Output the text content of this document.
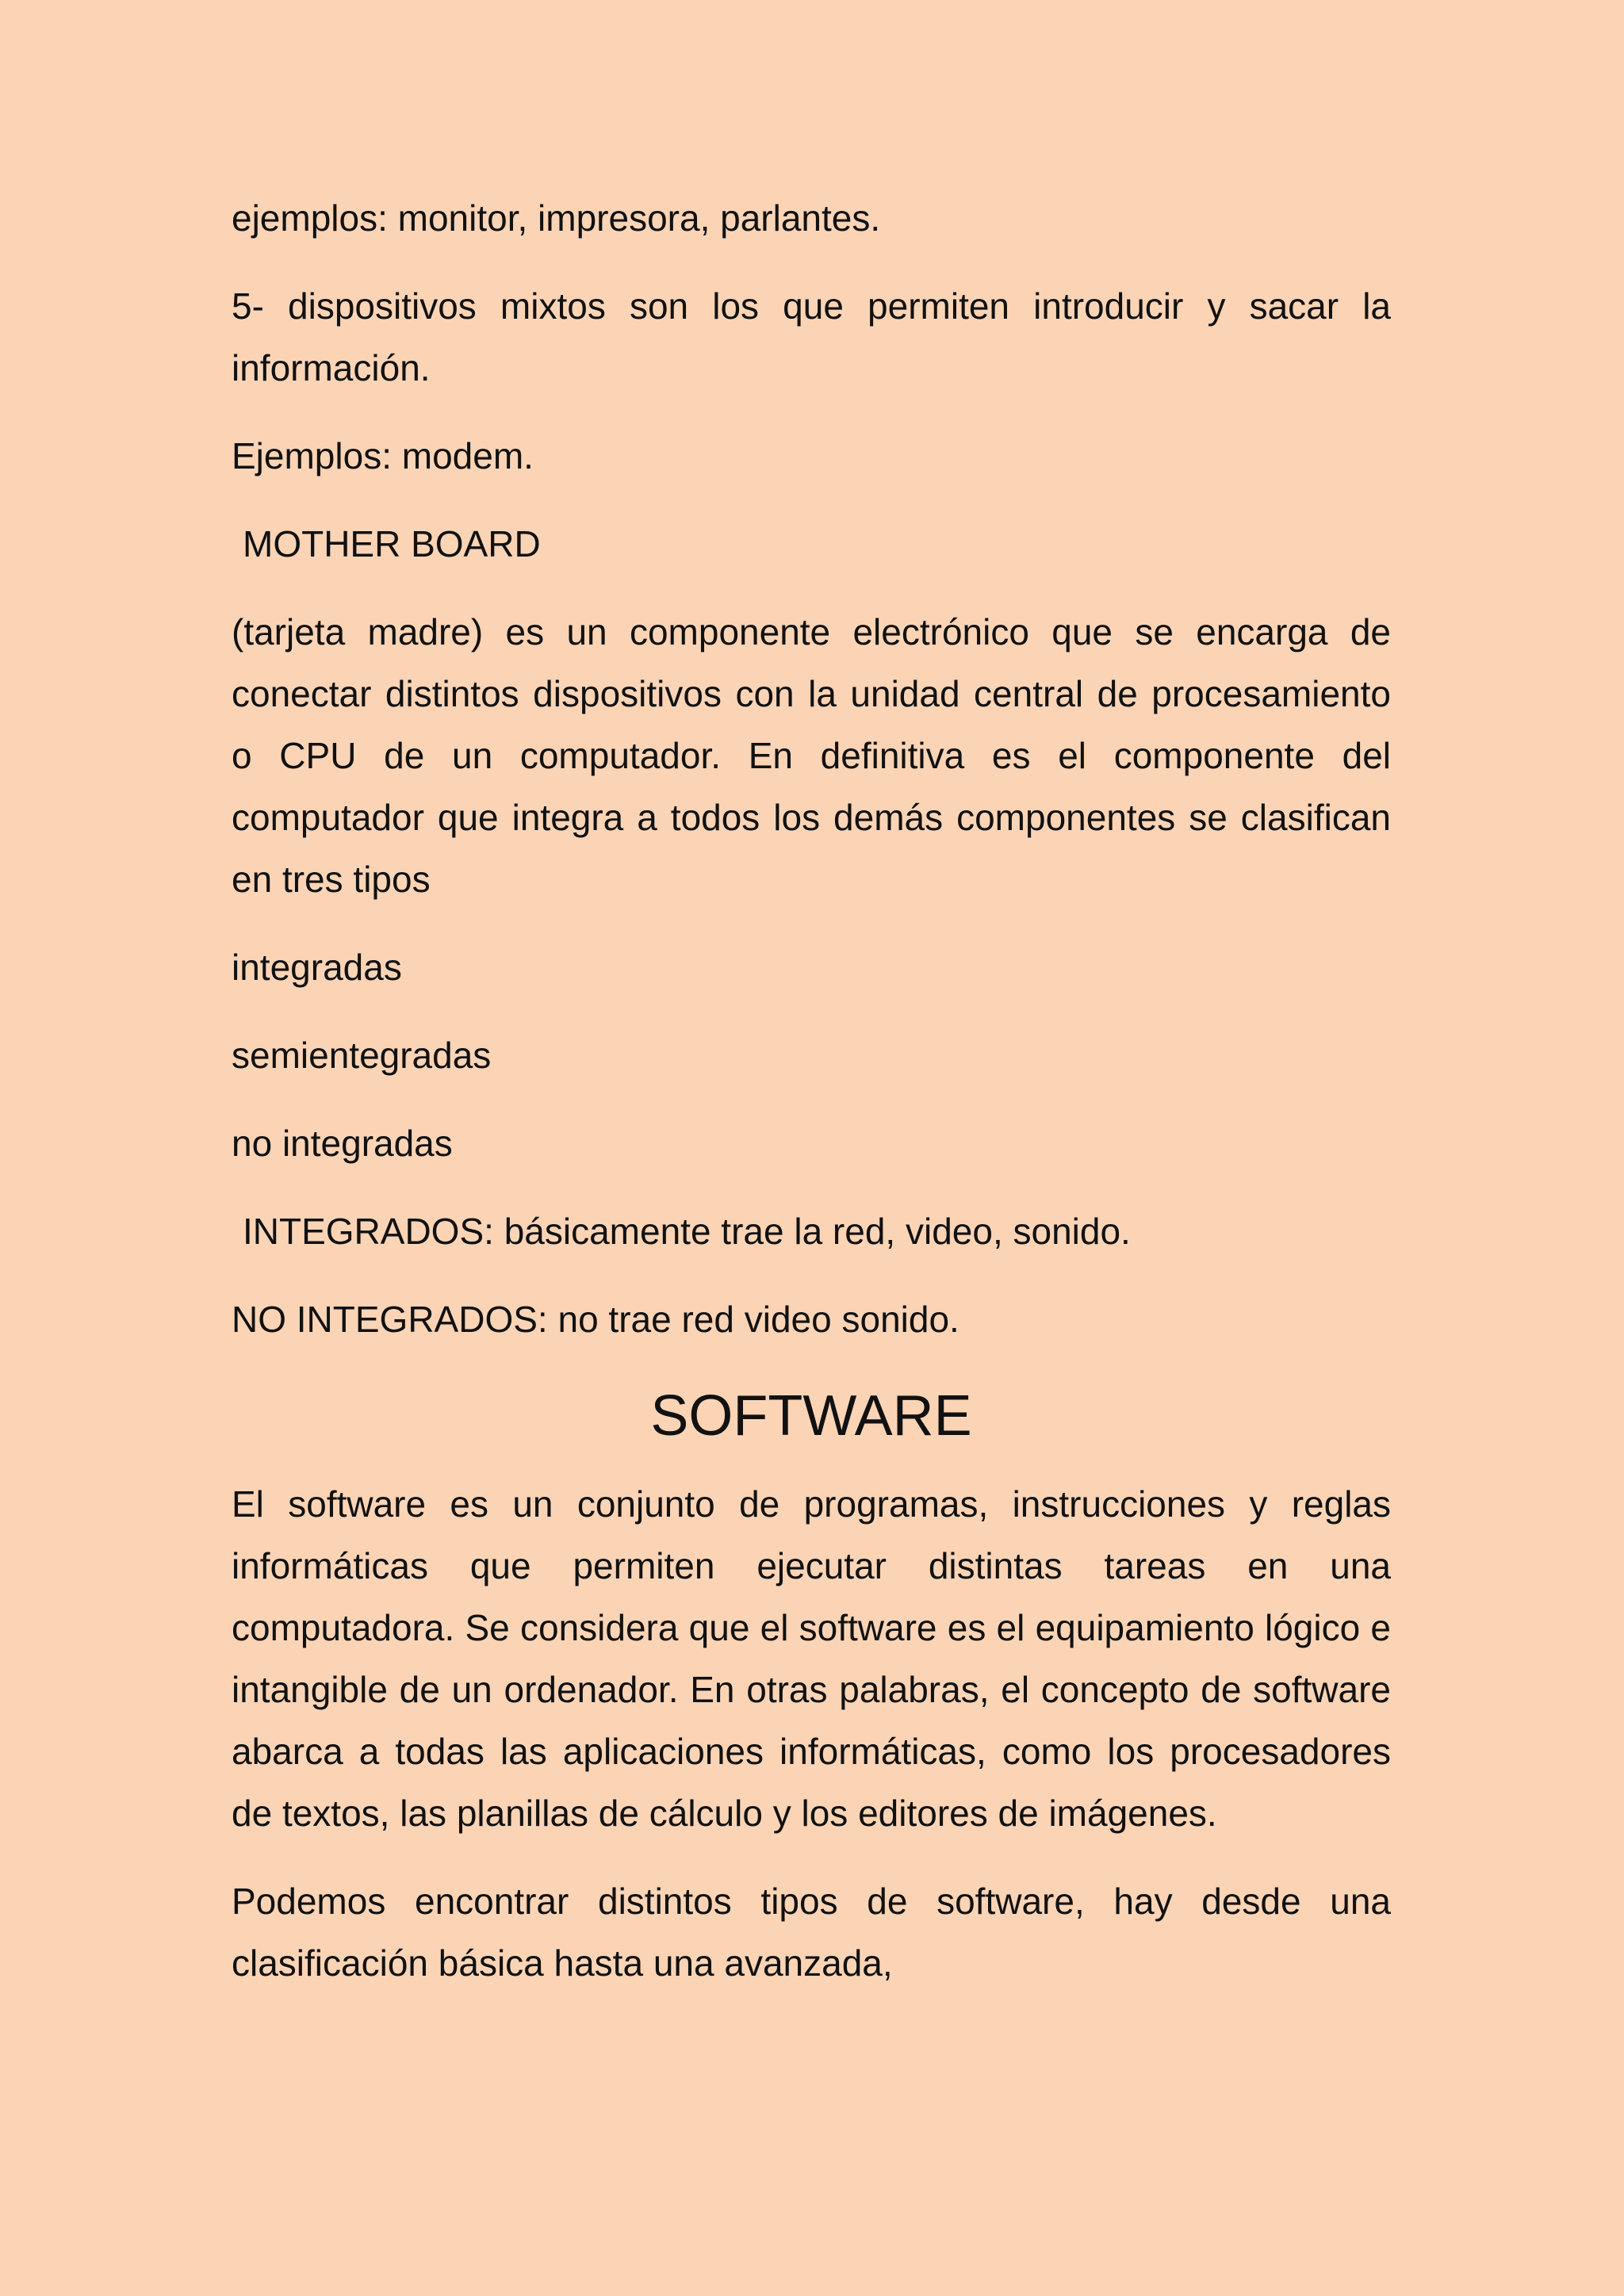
ejemplos: monitor, impresora, parlantes.

5- dispositivos mixtos son los que permiten introducir y sacar la información.

Ejemplos: modem.

MOTHER BOARD

(tarjeta madre) es un componente electrónico que se encarga de conectar distintos dispositivos con la unidad central de procesamiento o CPU de un computador. En definitiva es el componente del computador que integra a todos los demás componentes se clasifican en tres tipos

integradas

semientegradas

no integradas

INTEGRADOS: básicamente trae la red, video, sonido.

NO INTEGRADOS: no trae red video sonido.

SOFTWARE

El software es un conjunto de programas, instrucciones y reglas informáticas que permiten ejecutar distintas tareas en una computadora. Se considera que el software es el equipamiento lógico e intangible de un ordenador. En otras palabras, el concepto de software abarca a todas las aplicaciones informáticas, como los procesadores de textos, las planillas de cálculo y los editores de imágenes.

Podemos encontrar distintos tipos de software, hay desde una clasificación básica hasta una avanzada,
